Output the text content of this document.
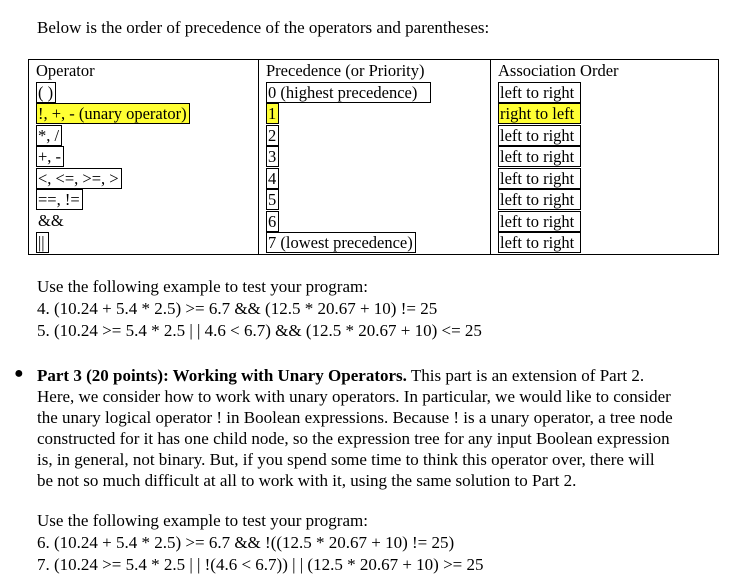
Below is the order of precedence of the operators and parentheses:
Operator	Precedence (or Priority)	Association Order
( )	0 (highest precedence)	left to right
!, +, - (unary operator)	1	right to left
*, /	2	left to right
+, -	3	left to right
<, <=, >=, >	4	left to right
==, !=	5	left to right
&&	6	left to right
||	7 (lowest precedence)	left to right
Use the following example to test your program:
4. (10.24 + 5.4 * 2.5) >= 6.7 && (12.5 * 20.67 + 10) != 25
5. (10.24 >= 5.4 * 2.5 | | 4.6 < 6.7) && (12.5 * 20.67 + 10) <= 25
● Part 3 (20 points): Working with Unary Operators. This part is an extension of Part 2.
Here, we consider how to work with unary operators. In particular, we would like to consider
the unary logical operator ! in Boolean expressions. Because ! is a unary operator, a tree node
constructed for it has one child node, so the expression tree for any input Boolean expression
is, in general, not binary. But, if you spend some time to think this operator over, there will
be not so much difficult at all to work with it, using the same solution to Part 2.
Use the following example to test your program:
6. (10.24 + 5.4 * 2.5) >= 6.7 && !((12.5 * 20.67 + 10) != 25)
7. (10.24 >= 5.4 * 2.5 | | !(4.6 < 6.7)) | | (12.5 * 20.67 + 10) >= 25
